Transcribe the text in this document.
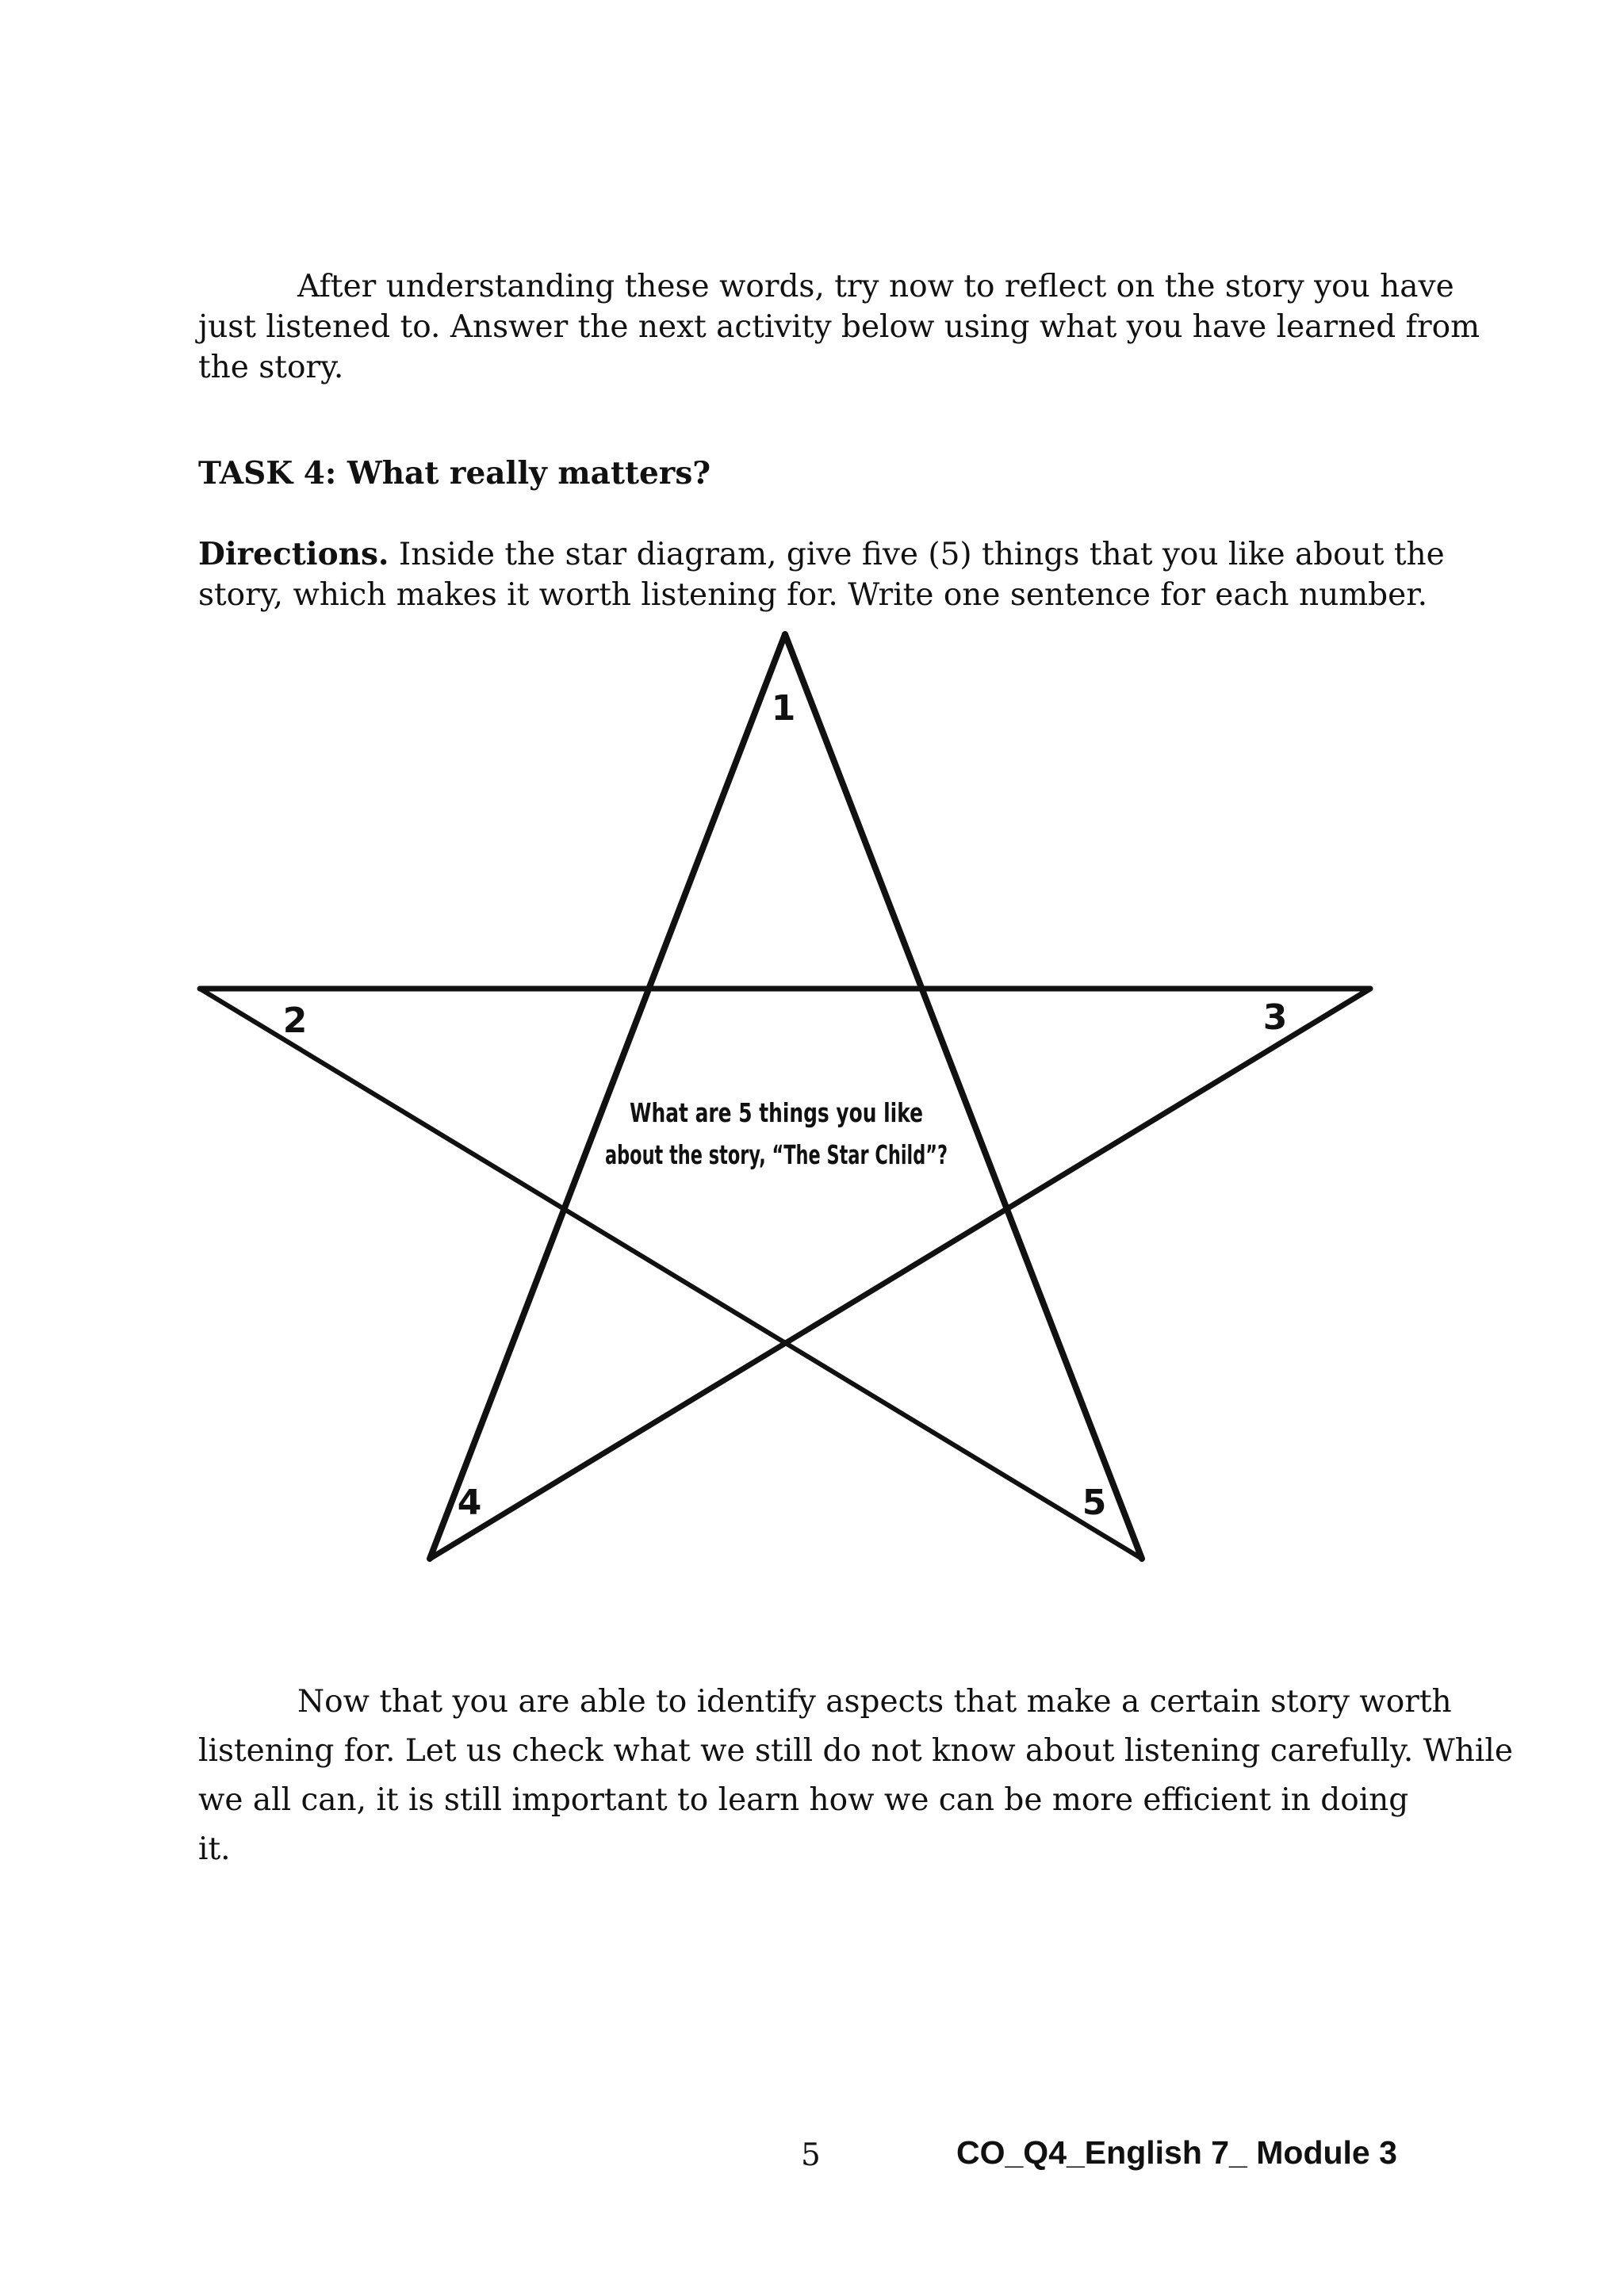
After understanding these words, try now to reflect on the story you have
just listened to. Answer the next activity below using what you have learned from
the story.

TASK 4: What really matters?

Directions. Inside the star diagram, give five (5) things that you like about the
story, which makes it worth listening for. Write one sentence for each number.

1
2	3
4	5
What are 5 things you like
about the story, “The Star Child”?
Now that you are able to identify aspects that make a certain story worth
listening for. Let us check what we still do not know about listening carefully. While
we all can, it is still important to learn how we can be more efficient in doing it.
5	CO_Q4_English 7_ Module 3
